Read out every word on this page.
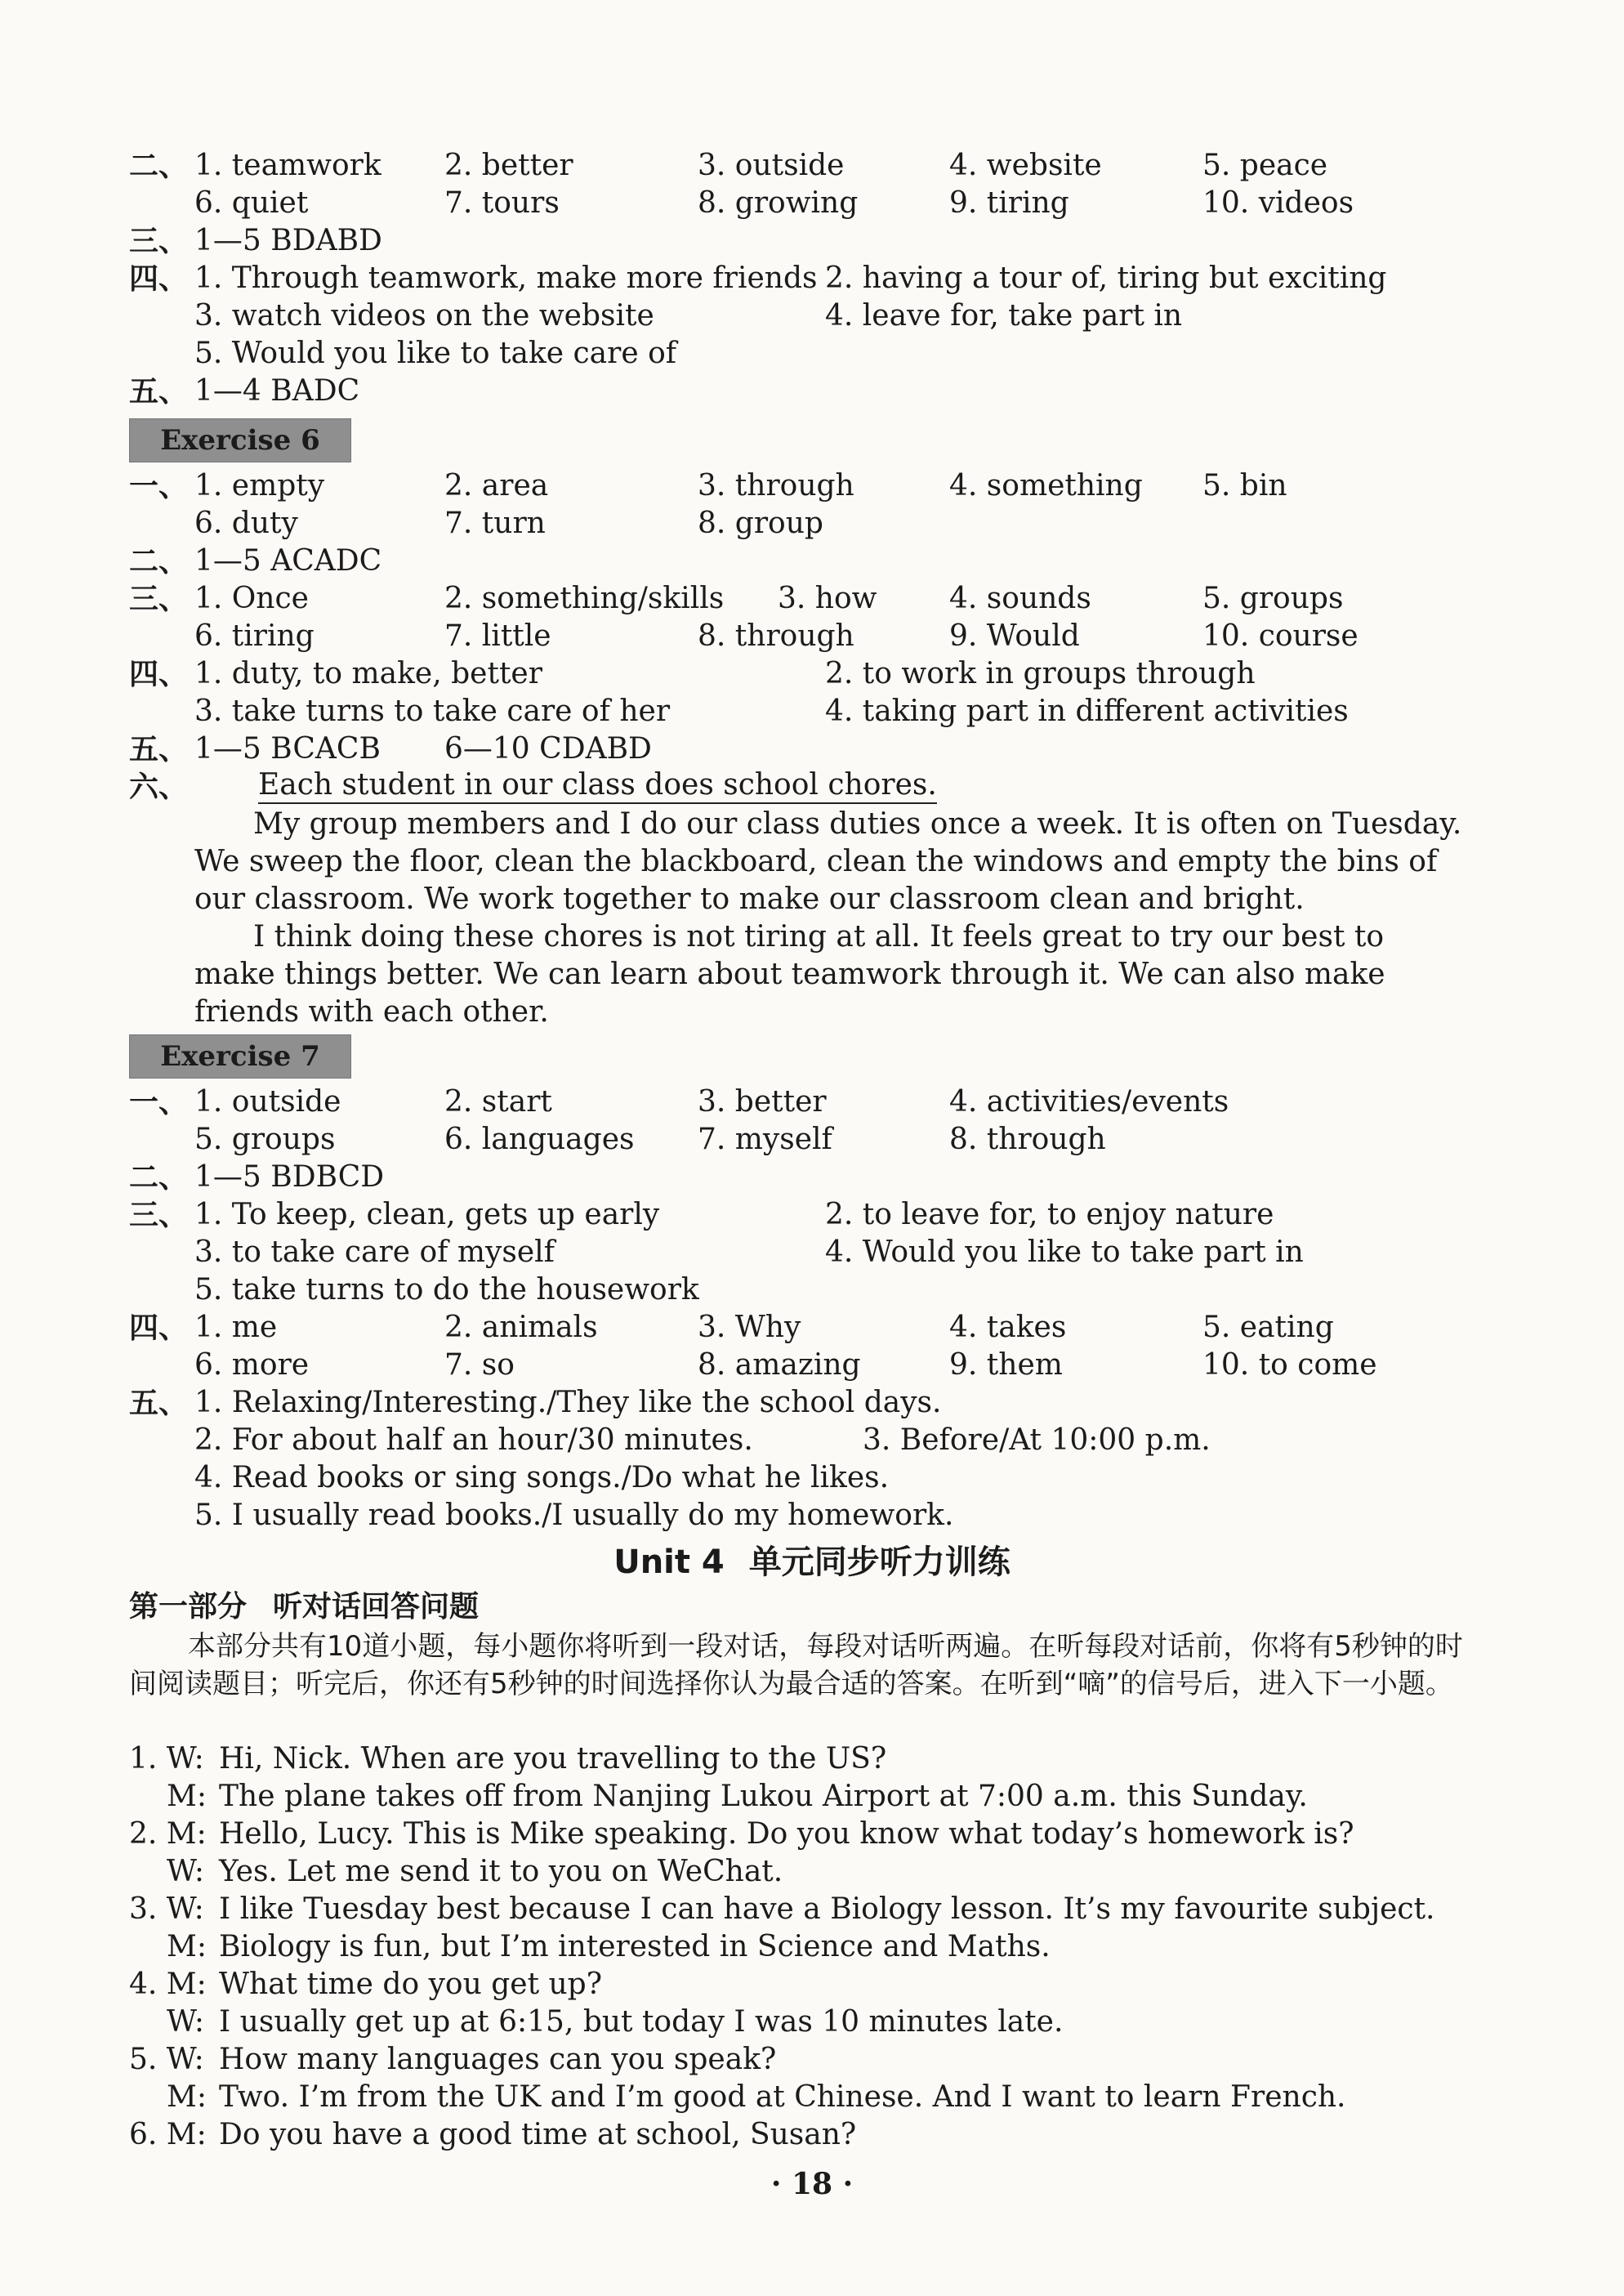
二、 1. teamwork 2. better	3. outside	4. website	5. peace
6. quiet	7. tours	8. growing	9. tiring	10. videos
三、 1—5 BDABD
四、 1. Through teamwork, make more friends 2. having a tour of, tiring but exciting
3. watch videos on the website	4. leave for, take part in
5. Would you like to take care of
五、 1—4 BADC
Exercise 6
一、 1. empty	2. area	3. through	4. something 5. bin
6. duty	7. turn	8. group
二、 1—5 ACADC
三、 1. Once	2. something/skills 3. how 4. sounds	5. groups
6. tiring	7. little	8. through	9. Would	10. course
四、 1. duty, to make, better	2. to work in groups through
3. take turns to take care of her	4. taking part in different activities
五、 1—5 BCACB 6—10 CDABD
六、 Each student in our class does school chores.
My group members and I do our class duties once a week. It is often on Tuesday. We sweep the floor, clean the blackboard, clean the windows and empty the bins of our classroom. We work together to make our classroom clean and bright.
I think doing these chores is not tiring at all. It feels great to try our best to make things better. We can learn about teamwork through it. We can also make friends with each other.
Exercise 7
一、 1. outside	2. start	3. better	4. activities/events
5. groups	6. languages 7. myself	8. through
二、 1—5 BDBCD
三、 1. To keep, clean, gets up early	2. to leave for, to enjoy nature
3. to take care of myself	4. Would you like to take part in
5. take turns to do the housework
四、 1. me	2. animals	3. Why	4. takes	5. eating
6. more	7. so	8. amazing	9. them	10. to come
五、 1. Relaxing/Interesting./They like the school days.
2. For about half an hour/30 minutes.	3. Before/At 10:00 p.m.
4. Read books or sing songs./Do what he likes.
5. I usually read books./I usually do my homework.
Unit 4 单元同步听力训练
第一部分 听对话回答问题
本部分共有10道小题，每小题你将听到一段对话，每段对话听两遍。在听每段对话前，你将有5秒钟的时间阅读题目；听完后，你还有5秒钟的时间选择你认为最合适的答案。在听到“嘀”的信号后，进入下一小题。
1. W: Hi, Nick. When are you travelling to the US?
M: The plane takes off from Nanjing Lukou Airport at 7:00 a.m. this Sunday.
2. M: Hello, Lucy. This is Mike speaking. Do you know what today’s homework is?
W: Yes. Let me send it to you on WeChat.
3. W: I like Tuesday best because I can have a Biology lesson. It’s my favourite subject.
M: Biology is fun, but I’m interested in Science and Maths.
4. M: What time do you get up?
W: I usually get up at 6:15, but today I was 10 minutes late.
5. W: How many languages can you speak?
M: Two. I’m from the UK and I’m good at Chinese. And I want to learn French.
6. M: Do you have a good time at school, Susan?
· 18 ·
